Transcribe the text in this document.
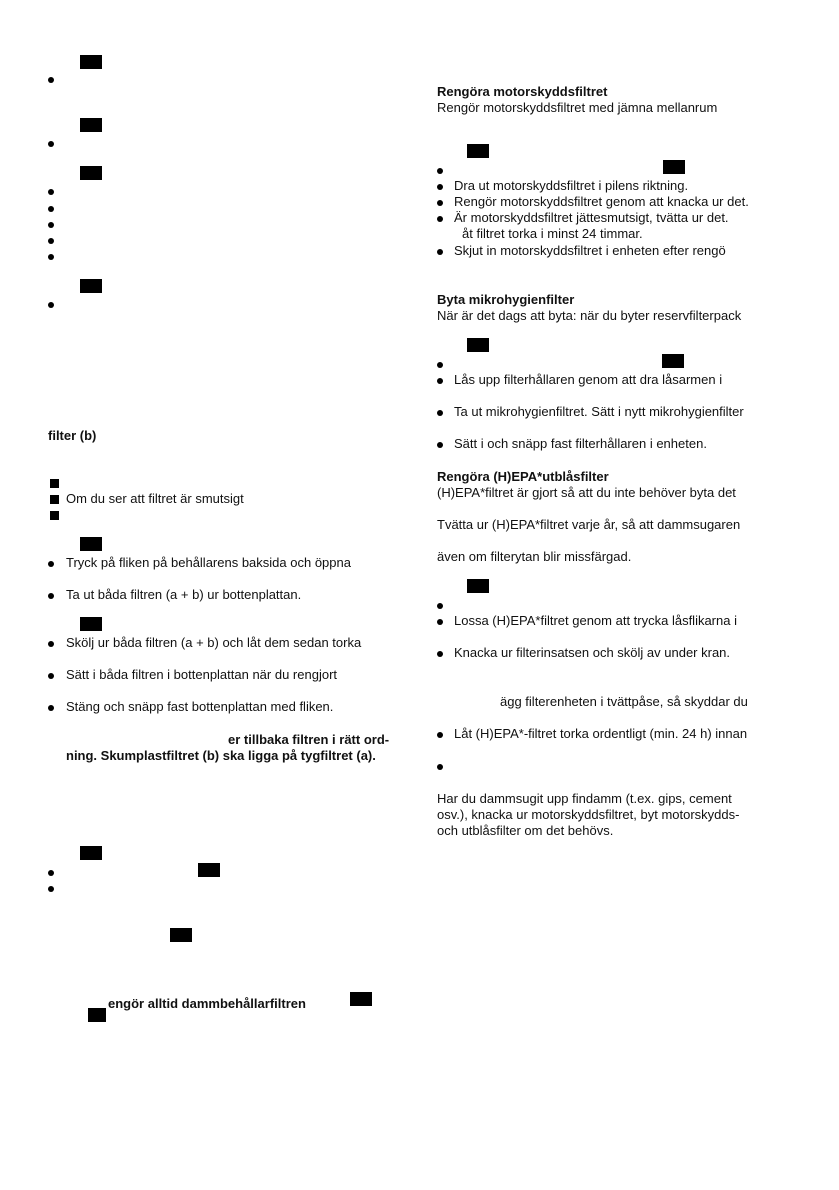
filter (b)
Om du ser att filtret är smutsigt
Tryck på fliken på behållarens baksida och öppna
Ta ut båda filtren (a + b) ur bottenplattan.
Skölj ur båda filtren (a + b) och låt dem sedan torka
Sätt i båda filtren i bottenplattan när du rengjort
Stäng och snäpp fast bottenplattan med fliken.
er tillbaka filtren i rätt ord-
ning. Skumplastfiltret (b) ska ligga på tygfiltret (a).
engör alltid dammbehållarfiltren
Rengöra motorskyddsfiltret
Rengör motorskyddsfiltret med jämna mellanrum
Dra ut motorskyddsfiltret i pilens riktning.
Rengör motorskyddsfiltret genom att knacka ur det.
Är motorskyddsfiltret jättesmutsigt, tvätta ur det.
åt filtret torka i minst 24 timmar.
Skjut in motorskyddsfiltret i enheten efter rengö
Byta mikrohygienfilter
När är det dags att byta: när du byter reservfilterpack
Lås upp filterhållaren genom att dra låsarmen i
Ta ut mikrohygienfiltret. Sätt i nytt mikrohygienfilter
Sätt i och snäpp fast filterhållaren i enheten.
Rengöra (H)EPA*utblåsfilter
(H)EPA*filtret är gjort så att du inte behöver byta det
Tvätta ur (H)EPA*filtret varje år, så att dammsugaren
även om filterytan blir missfärgad.
Lossa (H)EPA*filtret genom att trycka låsflikarna i
Knacka ur filterinsatsen och skölj av under kran.
ägg filterenheten i tvättpåse, så skyddar du
Låt (H)EPA*-filtret torka ordentligt (min. 24 h) innan
Har du dammsugit upp findamm (t.ex. gips, cement
osv.), knacka ur motorskyddsfiltret, byt motorskydds-
och utblåsfilter om det behövs.
